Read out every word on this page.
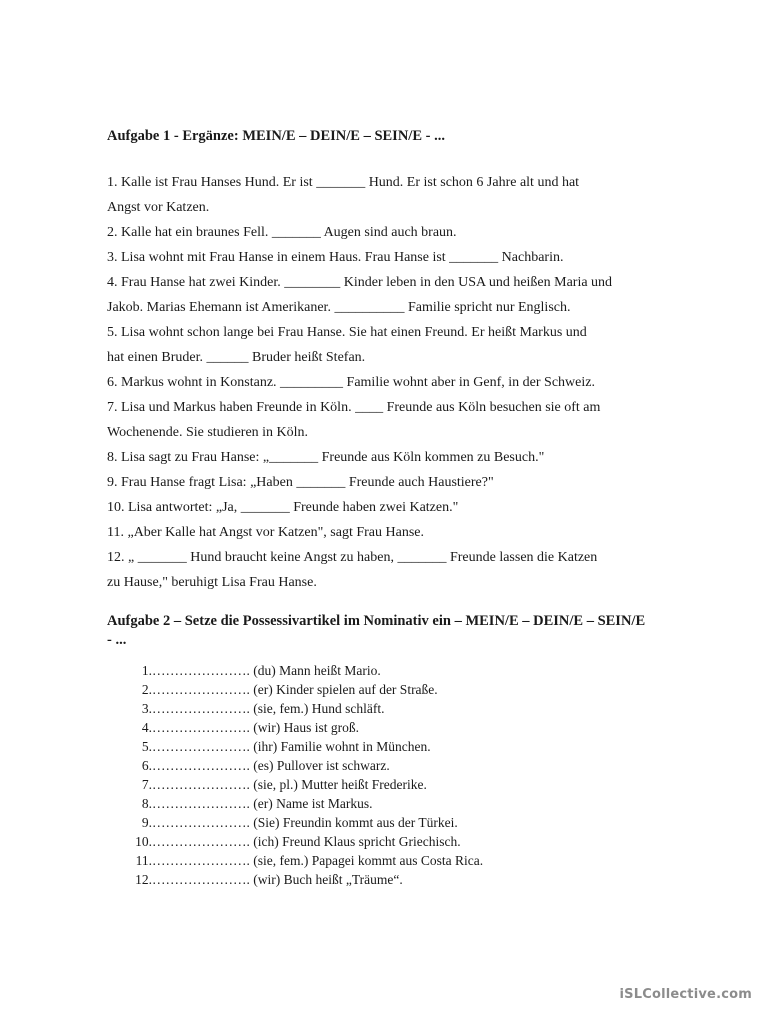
Aufgabe 1 - Ergänze: MEIN/E – DEIN/E – SEIN/E - ...
1. Kalle ist Frau Hanses Hund. Er ist _______ Hund. Er ist schon 6 Jahre alt und hat
Angst vor Katzen.
2. Kalle hat ein braunes Fell. _______ Augen sind auch braun.
3. Lisa wohnt mit Frau Hanse in einem Haus. Frau Hanse ist _______ Nachbarin.
4. Frau Hanse hat zwei Kinder. ________ Kinder leben in den USA und heißen Maria und
Jakob. Marias Ehemann ist Amerikaner. __________ Familie spricht nur Englisch.
5. Lisa wohnt schon lange bei Frau Hanse. Sie hat einen Freund. Er heißt Markus und
hat einen Bruder. ______ Bruder heißt Stefan.
6. Markus wohnt in Konstanz. _________ Familie wohnt aber in Genf, in der Schweiz.
7. Lisa und Markus haben Freunde in Köln. ____ Freunde aus Köln besuchen sie oft am
Wochenende. Sie studieren in Köln.
8. Lisa sagt zu Frau Hanse: „_______ Freunde aus Köln kommen zu Besuch."
9. Frau Hanse fragt Lisa: „Haben _______ Freunde auch Haustiere?"
10. Lisa antwortet: „Ja, _______ Freunde haben zwei Katzen."
11. „Aber Kalle hat Angst vor Katzen", sagt Frau Hanse.
12. „ _______ Hund braucht keine Angst zu haben, _______ Freunde lassen die Katzen
zu Hause," beruhigt Lisa Frau Hanse.
Aufgabe 2 – Setze die Possessivartikel im Nominativ ein – MEIN/E – DEIN/E – SEIN/E - ...
1. …………………. (du) Mann heißt Mario.
2. …………………. (er) Kinder spielen auf der Straße.
3. …………………. (sie, fem.) Hund schläft.
4. …………………. (wir) Haus ist groß.
5. …………………. (ihr) Familie wohnt in München.
6. …………………. (es) Pullover ist schwarz.
7. …………………. (sie, pl.) Mutter heißt Frederike.
8. …………………. (er) Name ist Markus.
9. …………………. (Sie) Freundin kommt aus der Türkei.
10. …………………. (ich) Freund Klaus spricht Griechisch.
11. …………………. (sie, fem.) Papagei kommt aus Costa Rica.
12. …………………. (wir) Buch heißt „Träume“.
iSLCollective.com
